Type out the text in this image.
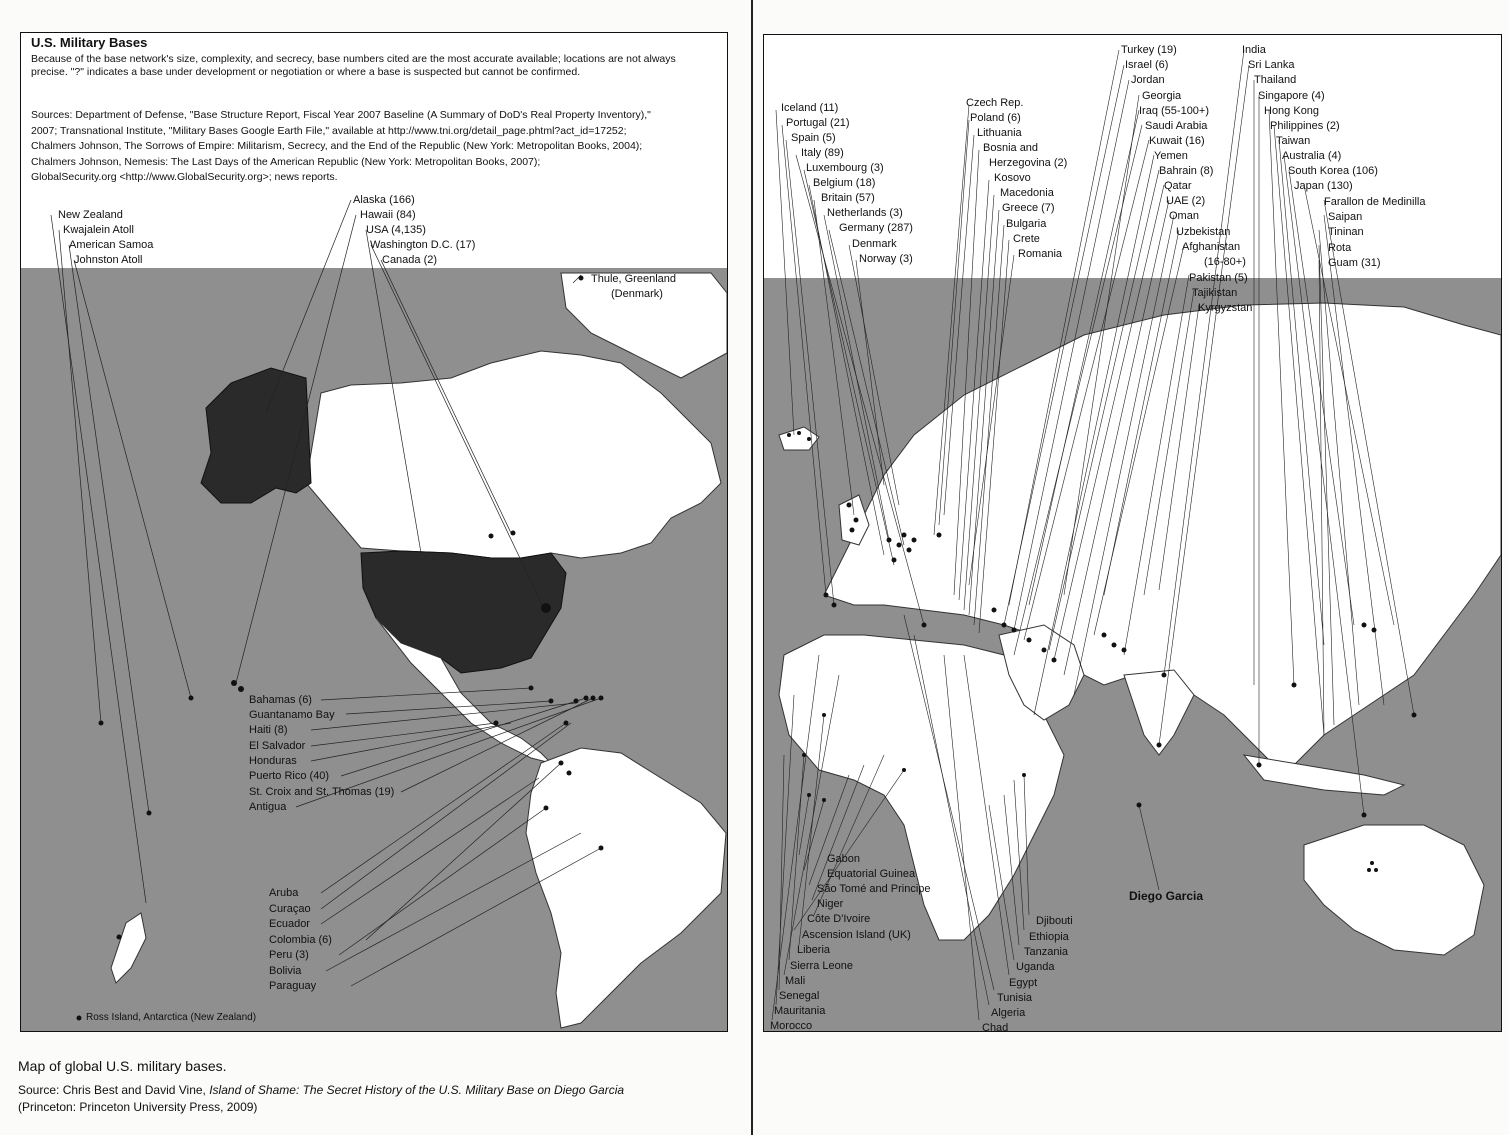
U.S. Military Bases
Because of the base network's size, complexity, and secrecy, base numbers cited are the most accurate available; locations are not always precise. "?" indicates a base under development or negotiation or where a base is suspected but cannot be confirmed.
Sources: Department of Defense, "Base Structure Report, Fiscal Year 2007 Baseline (A Summary of DoD's Real Property Inventory),"
2007; Transnational Institute, "Military Bases Google Earth File," available at http://www.tni.org/detail_page.phtml?act_id=17252;
Chalmers Johnson, The Sorrows of Empire: Militarism, Secrecy, and the End of the Republic (New York: Metropolitan Books, 2004);
Chalmers Johnson, Nemesis: The Last Days of the American Republic (New York: Metropolitan Books, 2007);
GlobalSecurity.org <http://www.GlobalSecurity.org>; news reports.
New Zealand
Kwajalein Atoll
American Samoa
Johnston Atoll
Alaska (166)
Hawaii (84)
USA (4,135)
Washington D.C. (17)
Canada (2)
Thule, Greenland
(Denmark)
Bahamas (6)
Guantanamo Bay
Haiti (8)
El Salvador
Honduras
Puerto Rico (40)
St. Croix and St. Thomas (19)
Antigua
Aruba
Curaçao
Ecuador
Colombia (6)
Peru (3)
Bolivia
Paraguay
Ross Island, Antarctica (New Zealand)
Iceland (11)
Portugal (21)
Spain (5)
Italy (89)
Luxembourg (3)
Belgium (18)
Britain (57)
Netherlands (3)
Germany (287)
Denmark
Norway (3)
Czech Rep.
Poland (6)
Lithuania
Bosnia and
Herzegovina (2)
Kosovo
Macedonia
Greece (7)
Bulgaria
Crete
Romania
Turkey (19)
Israel (6)
Jordan
Georgia
Iraq (55-100+)
Saudi Arabia
Kuwait (16)
Yemen
Bahrain (8)
Qatar
UAE (2)
Oman
Uzbekistan
Afghanistan
(16-80+)
Pakistan (5)
Tajikistan
Kyrgyzstan
India
Sri Lanka
Thailand
Singapore (4)
Hong Kong
Philippines (2)
Taiwan
Australia (4)
South Korea (106)
Japan (130)
Farallon de Medinilla
Saipan
Tininan
Rota
Guam (31)
Gabon
Equatorial Guinea
São Tomé and Principe
Niger
Côte D'Ivoire
Ascension Island (UK)
Liberia
Sierra Leone
Mali
Senegal
Mauritania
Morocco
Djibouti
Ethiopia
Tanzania
Uganda
Egypt
Tunisia
Algeria
Chad
Diego Garcia
Map of global U.S. military bases.
Source: Chris Best and David Vine, Island of Shame: The Secret History of the U.S. Military Base on Diego Garcia
(Princeton: Princeton University Press, 2009)
